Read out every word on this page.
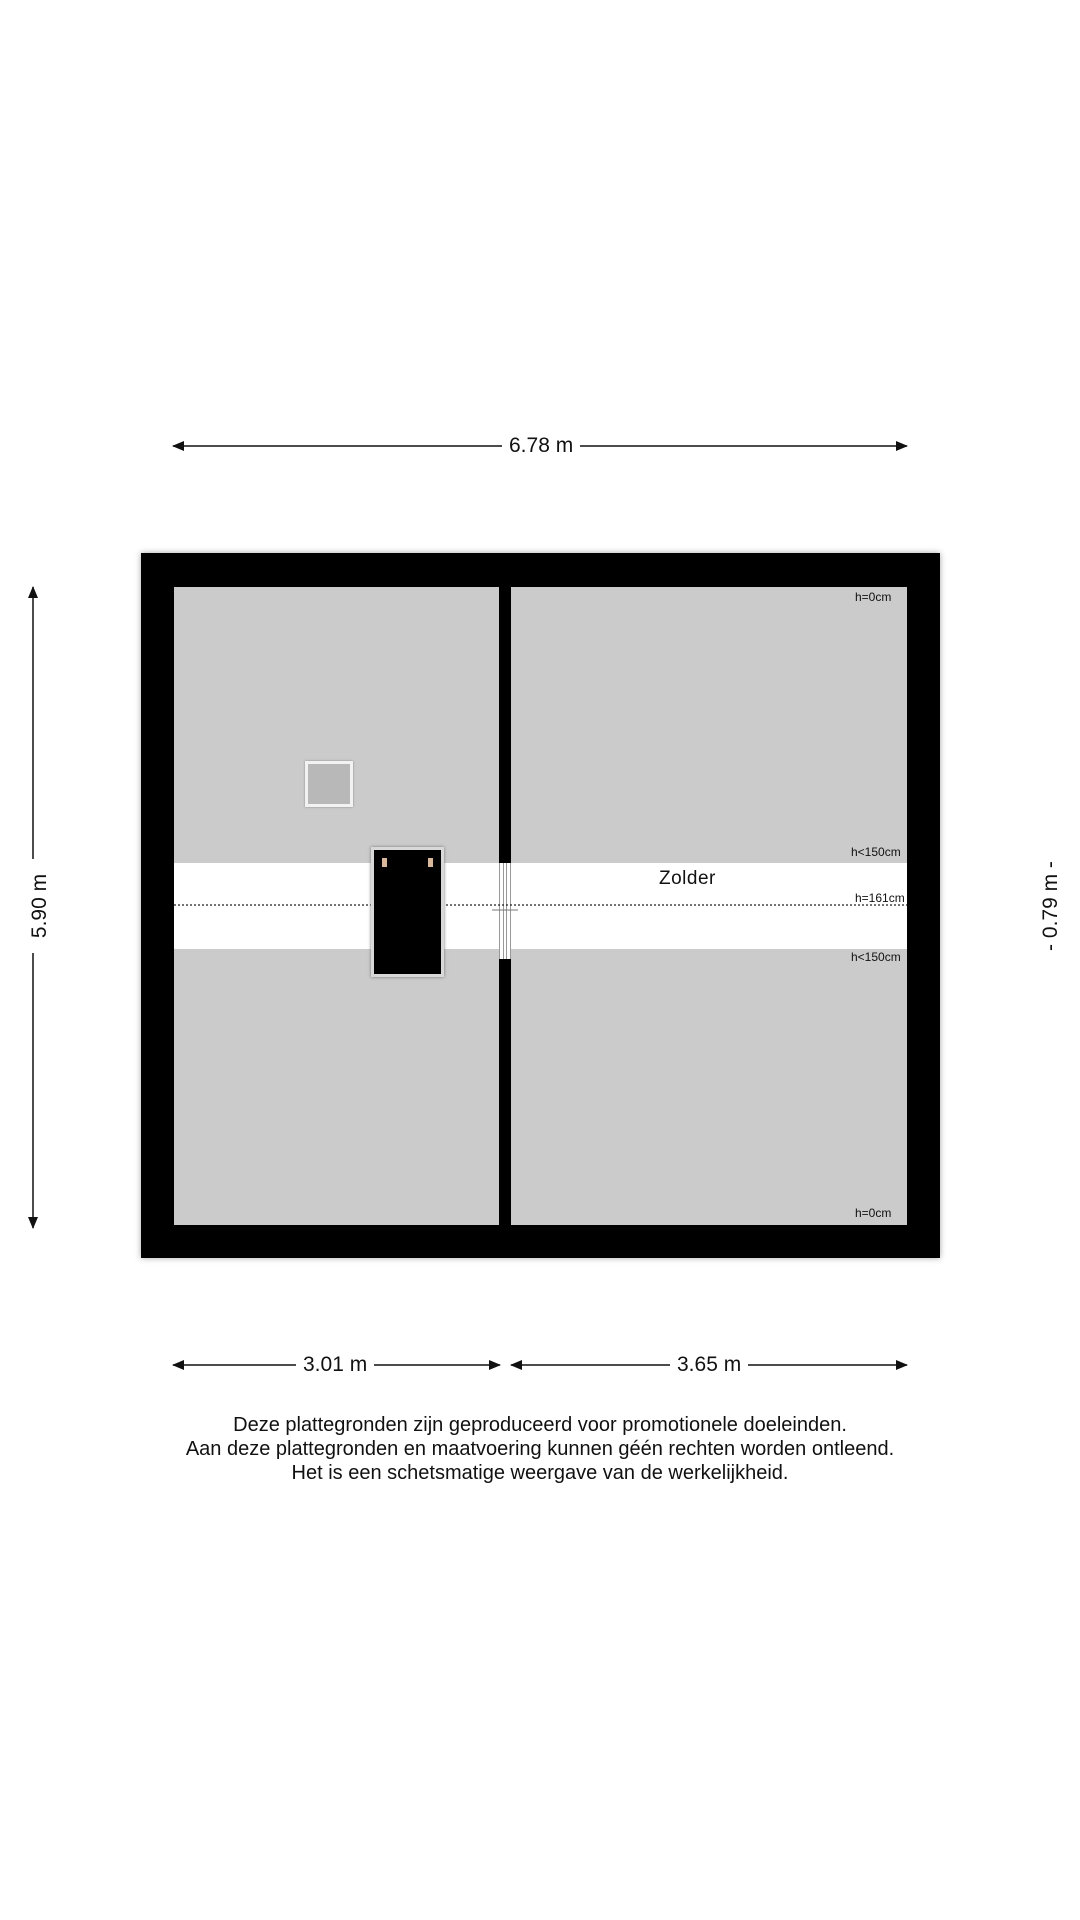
6.78 m
5.90 m	- 0.79 m -
3.01 m	3.65 m
Zolder
h=0cm
h<150cm
h=161cm
h<150cm
h=0cm
Deze plattegronden zijn geproduceerd voor promotionele doeleinden.
Aan deze plattegronden en maatvoering kunnen géén rechten worden ontleend.
Het is een schetsmatige weergave van de werkelijkheid.
